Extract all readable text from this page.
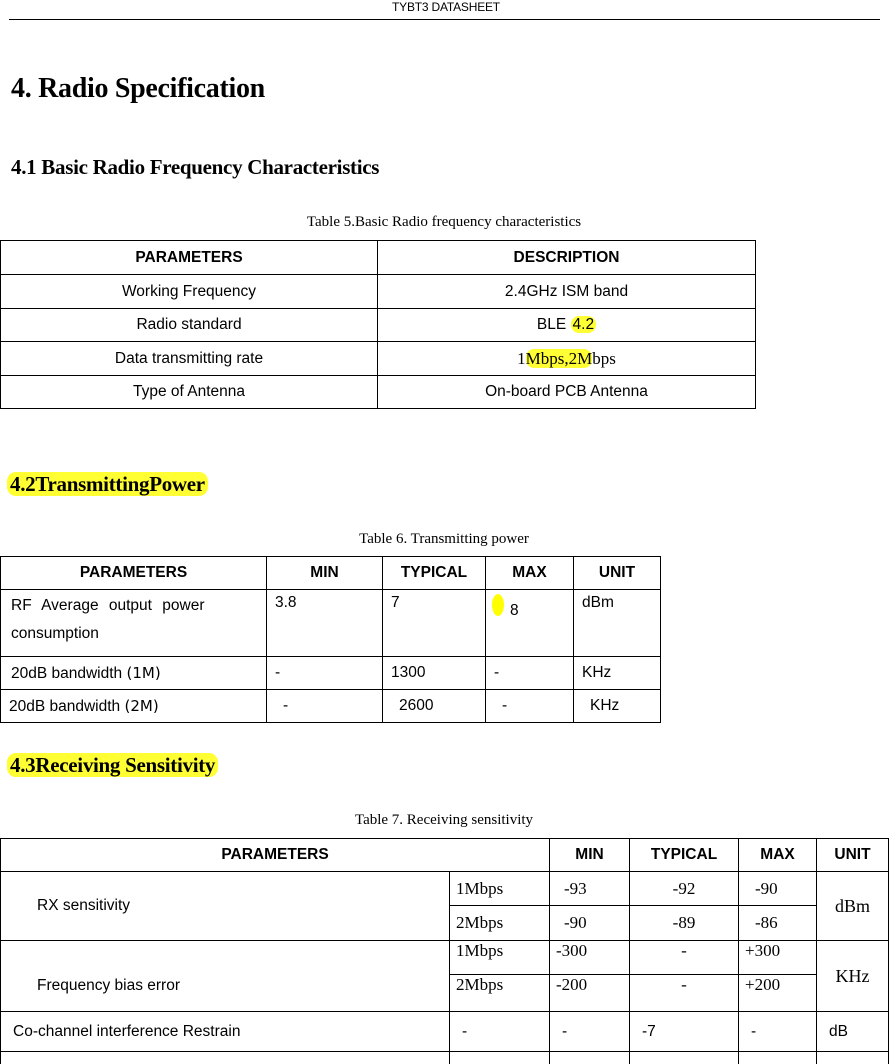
TYBT3 DATASHEET
4. Radio Specification
4.1 Basic Radio Frequency Characteristics
Table 5.Basic Radio frequency characteristics
PARAMETERS	DESCRIPTION
Working Frequency	2.4GHz ISM band
Radio standard	BLE 4.2
Data transmitting rate	1Mbps,2Mbps
Type of Antenna	On-board PCB Antenna
4.2TransmittingPower
Table 6. Transmitting power
PARAMETERS	MIN	TYPICAL	MAX	UNIT
RF Average output power consumption	3.8	7	8	dBm
20dB bandwidth (1M)	-	1300	-	KHz
20dB bandwidth (2M)	-	2600	-	KHz
4.3Receiving Sensitivity
Table 7. Receiving sensitivity
PARAMETERS		MIN	TYPICAL	MAX	UNIT
RX sensitivity	1Mbps	-93	-92	-90	dBm
	2Mbps	-90	-89	-86	
Frequency bias error	1Mbps	-300	-	+300	KHz
	2Mbps	-200	-	+200	
Co-channel interference Restrain	-	-	-7	-	dB
